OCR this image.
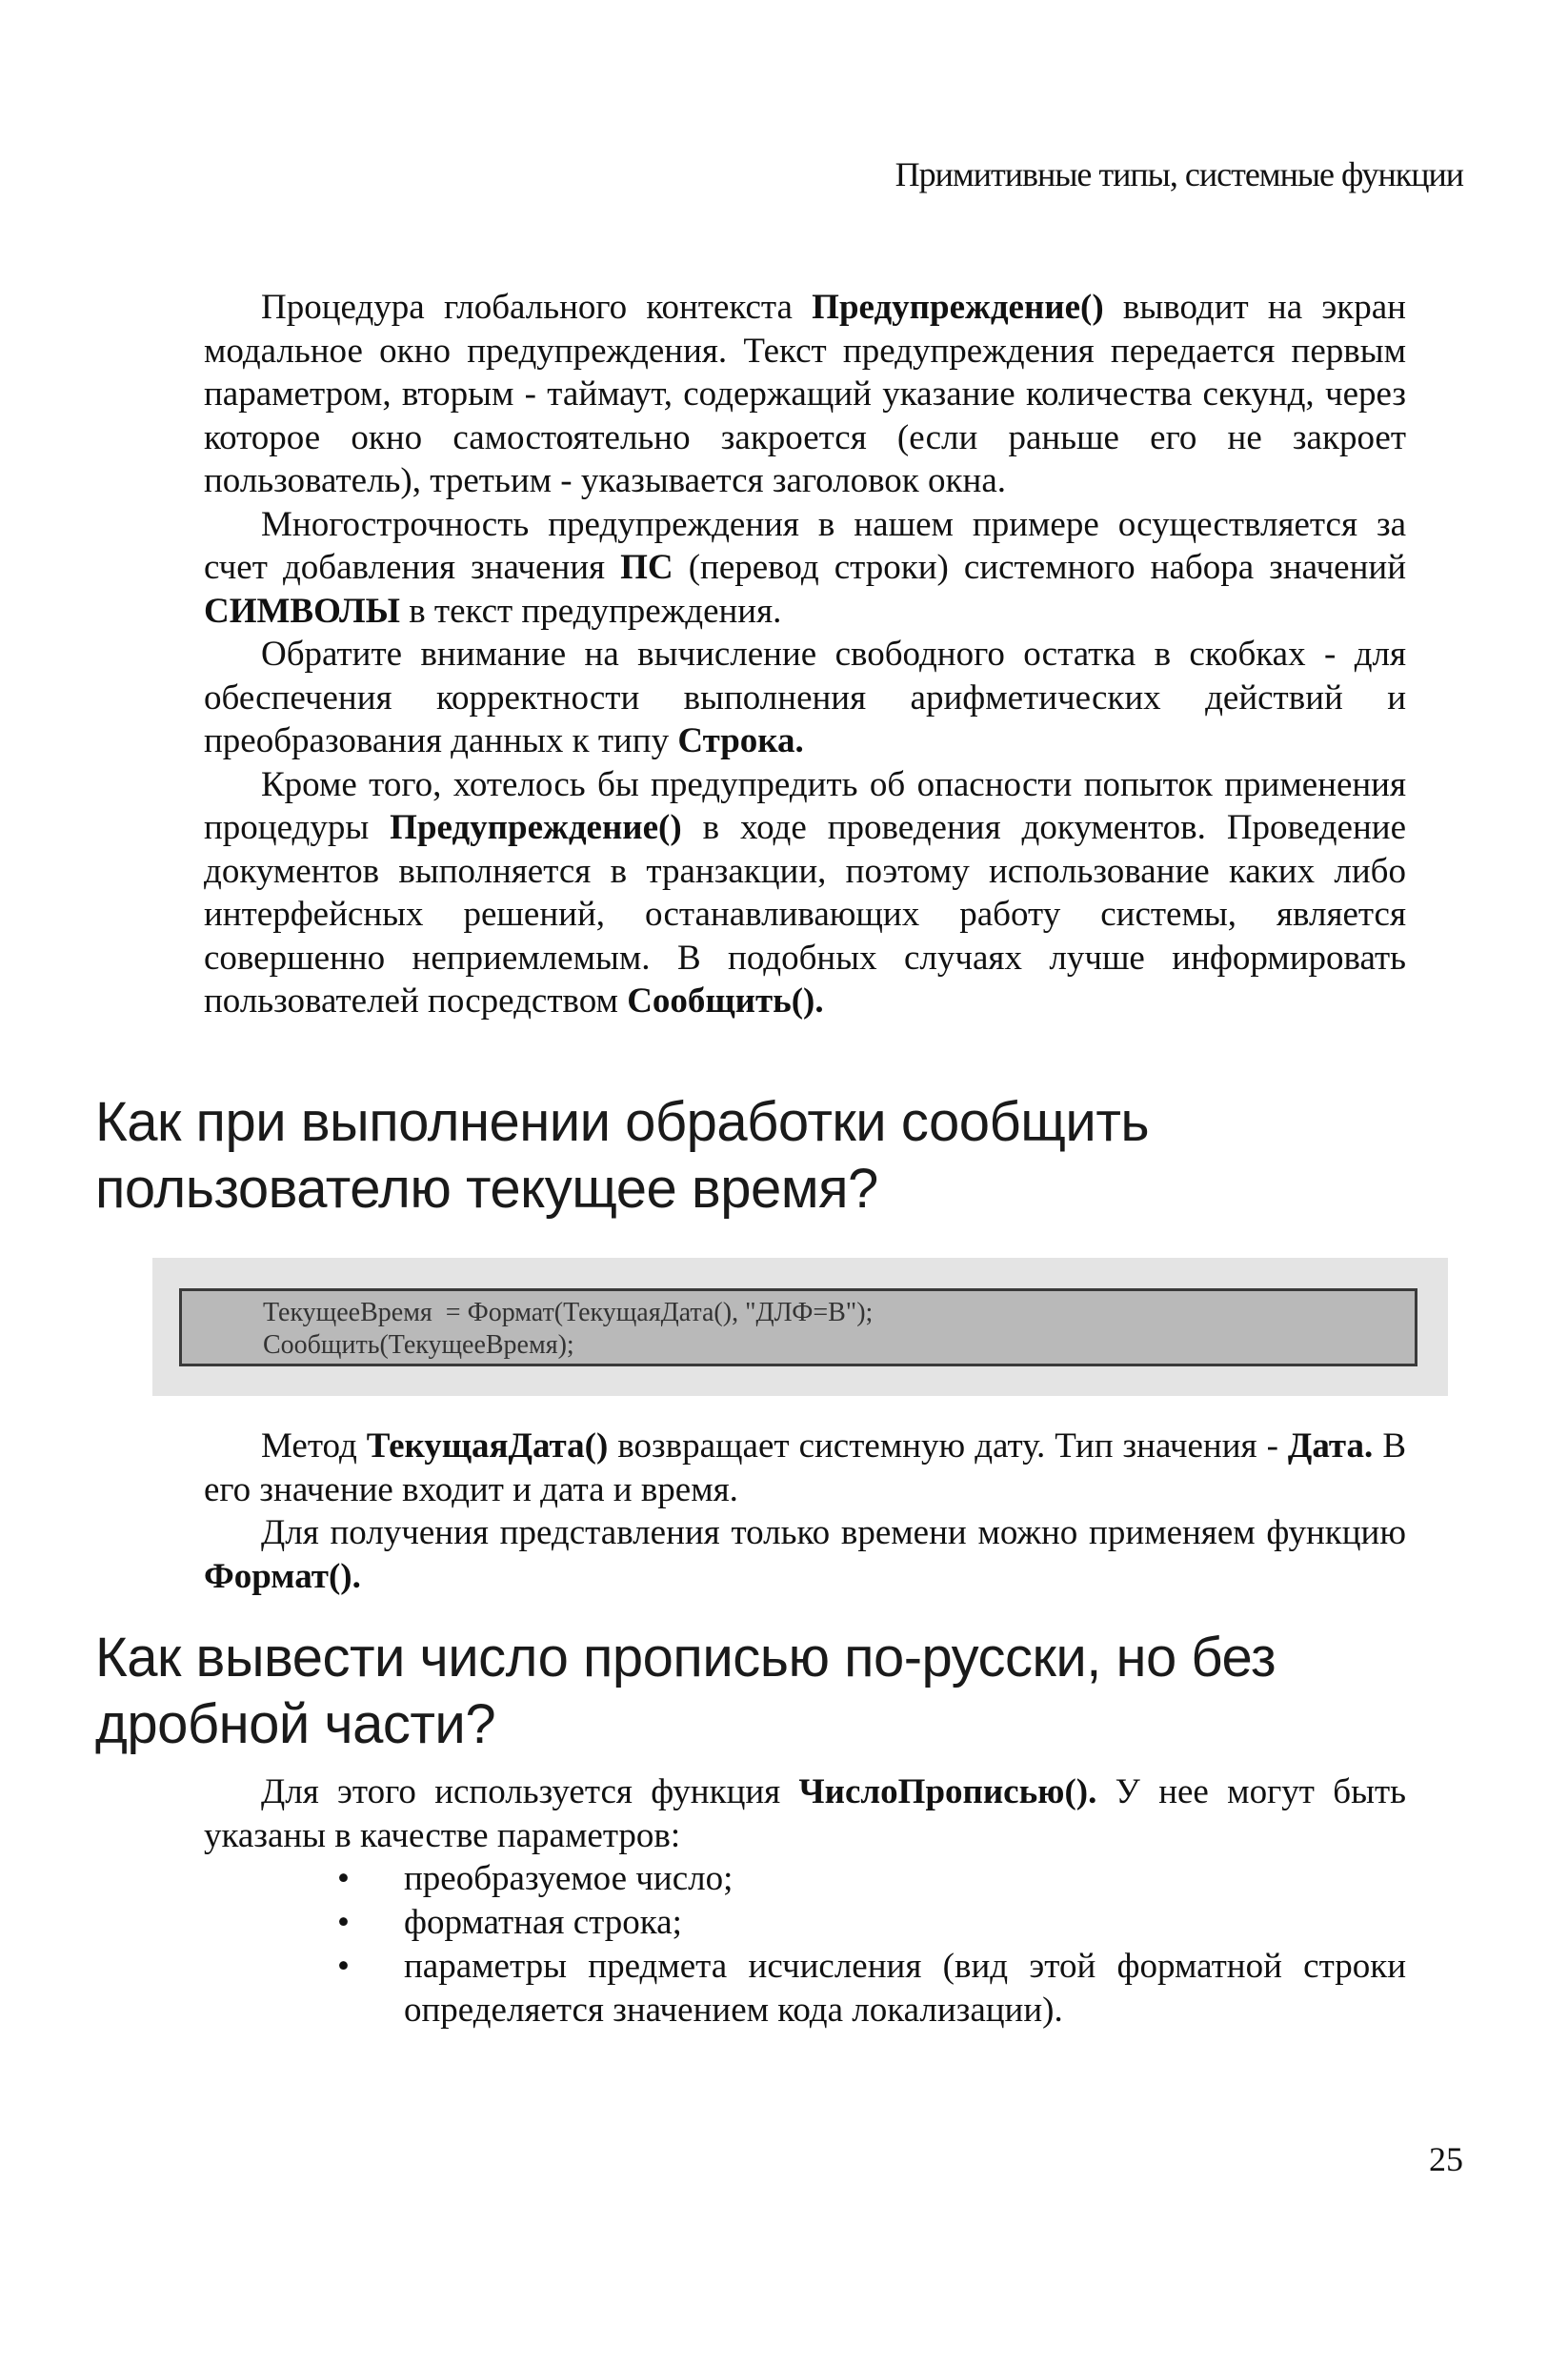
Примитивные типы, системные функции

Процедура глобального контекста Предупреждение() выводит на экран модальное окно предупреждения. Текст предупреждения передается первым параметром, вторым - таймаут, содержащий указание количества секунд, через которое окно самостоятельно закроется (если раньше его не закроет пользователь), третьим - указывается заголовок окна.

Многострочность предупреждения в нашем примере осуществляется за счет добавления значения ПС (перевод строки) системного набора значений СИМВОЛЫ в текст предупреждения.

Обратите внимание на вычисление свободного остатка в скобках - для обеспечения корректности выполнения арифметических действий и преобразования данных к типу Строка.

Кроме того, хотелось бы предупредить об опасности попыток применения процедуры Предупреждение() в ходе проведения документов. Проведение документов выполняется в транзакции, поэтому использование каких либо интерфейсных решений, останавливающих работу системы, является совершенно неприемлемым. В подобных случаях лучше информировать пользователей посредством Сообщить().

Как при выполнении обработки сообщить
пользователю текущее время?
ТекущееВремя  = Формат(ТекущаяДата(), "ДЛФ=В");
Сообщить(ТекущееВремя);

Метод ТекущаяДата() возвращает системную дату. Тип значения - Дата. В его значение входит и дата и время.

Для получения представления только времени можно применяем функцию Формат().

Как вывести число прописью по-русски, но без
дробной части?

Для этого используется функция ЧислоПрописью(). У нее могут быть указаны в качестве параметров:

• преобразуемое число;
• форматная строка;
• параметры предмета исчисления (вид этой форматной строки определяется значением кода локализации).
25
